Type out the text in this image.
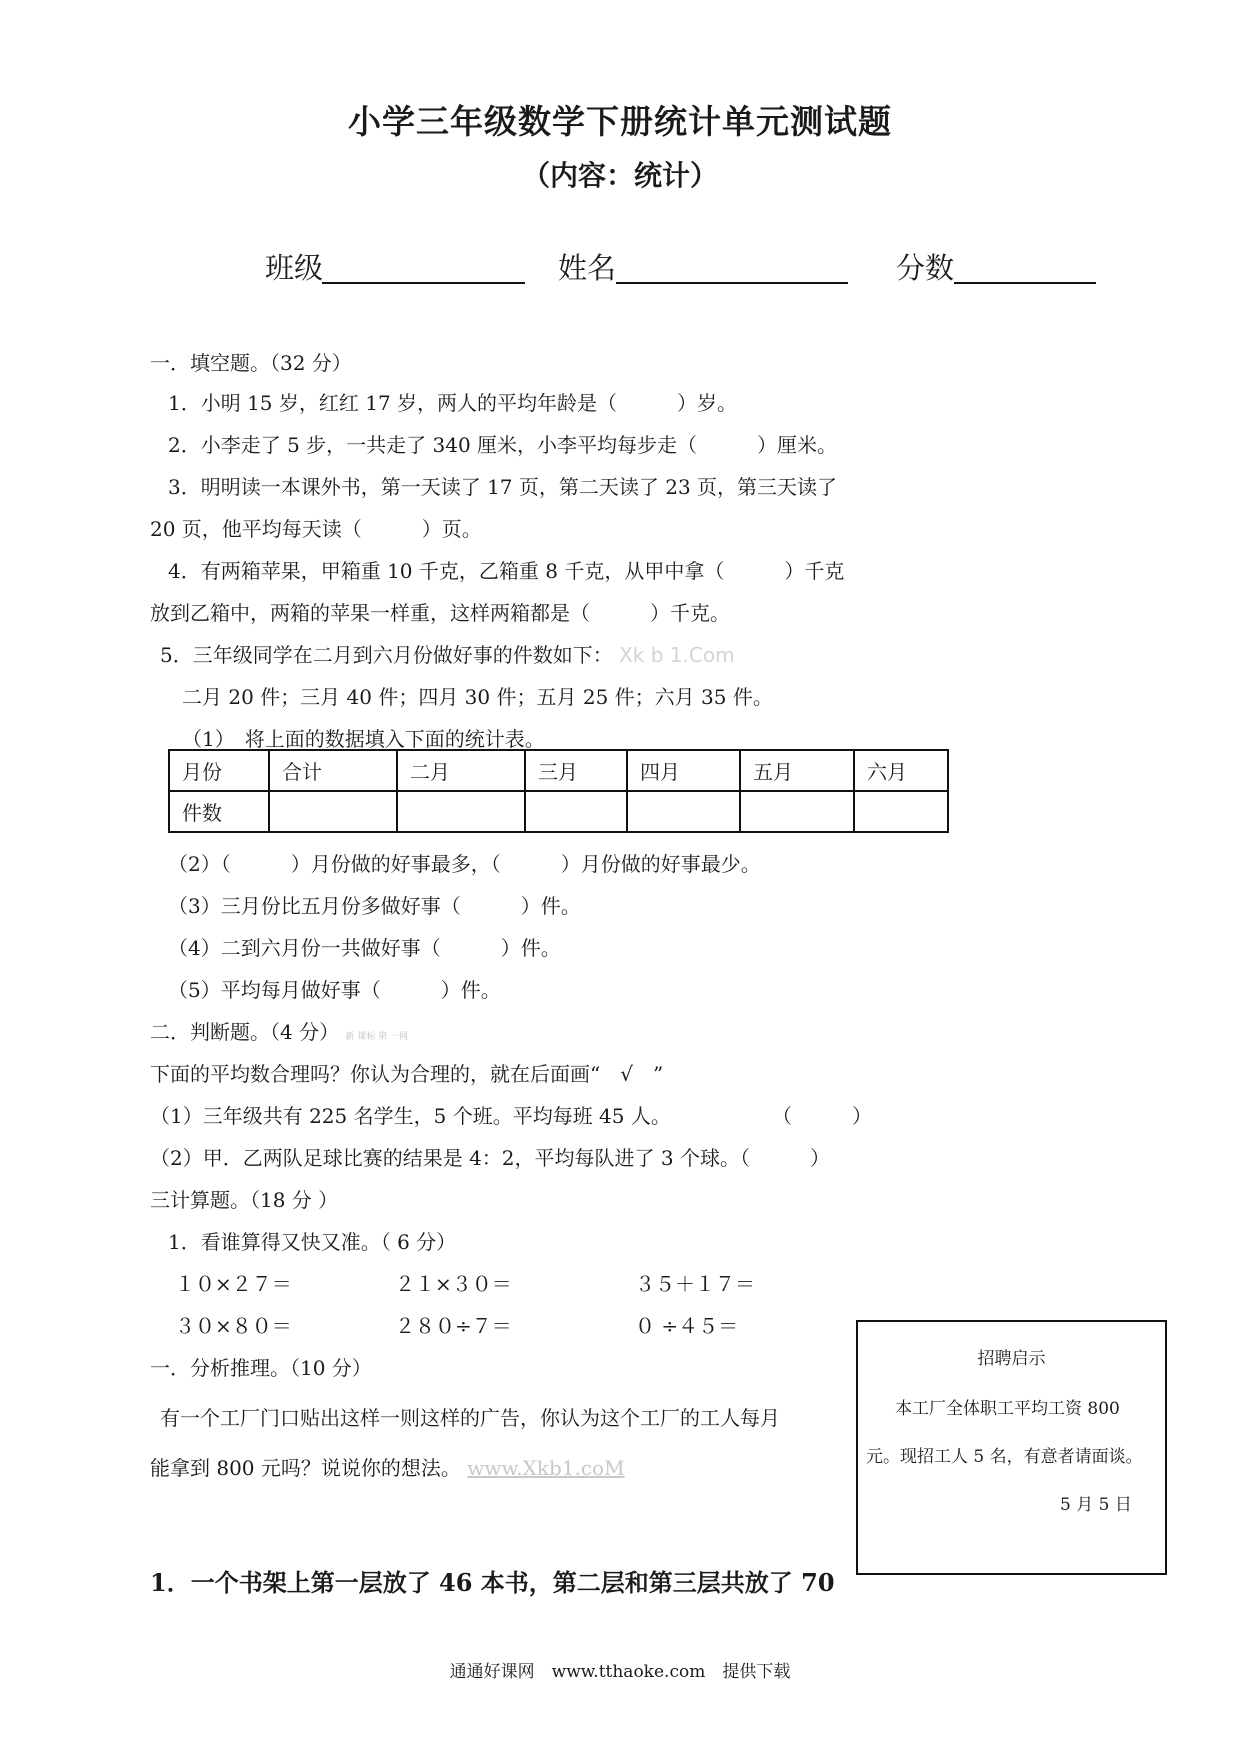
小学三年级数学下册统计单元测试题
（内容：统计）
班级	姓名	分数
一．填空题。（32 分）
1．小明 15 岁，红红 17 岁，两人的平均年龄是（　　　）岁。
2．小李走了 5 步，一共走了 340 厘米，小李平均每步走（　　　）厘米。
3．明明读一本课外书，第一天读了 17 页，第二天读了 23 页，第三天读了
20 页，他平均每天读（　　　）页。
4．有两箱苹果，甲箱重 10 千克，乙箱重 8 千克，从甲中拿（　　　）千克
放到乙箱中，两箱的苹果一样重，这样两箱都是（　　　）千克。
5．三年级同学在二月到六月份做好事的件数如下： Xk b 1.Com
二月 20 件；三月 40 件；四月 30 件；五月 25 件；六月 35 件。
（1）　将上面的数据填入下面的统计表。
月份	合计	二月	三月	四月	五月	六月
件数						
（2）（　　　）月份做的好事最多，（　　　）月份做的好事最少。
（3）三月份比五月份多做好事（　　　）件。
（4）二到六月份一共做好事（　　　）件。
（5）平均每月做好事（　　　）件。
二．判断题。（4 分） 新 课标 第 一网
下面的平均数合理吗？你认为合理的，就在后面画“　√　”
（1）三年级共有 225 名学生，5 个班。平均每班 45 人。	（　　　）
（2）甲．乙两队足球比赛的结果是 4：2，平均每队进了 3 个球。（　　　）
三计算题。（18 分 ）
1．看谁算得又快又准。（ 6 分）
１０×２７＝	２１×３０＝	３５＋１７＝
３０×８０＝	２８０÷７＝	０ ÷４５＝
一．分析推理。（10 分）
有一个工厂门口贴出这样一则这样的广告，你认为这个工厂的工人每月
能拿到 800 元吗？说说你的想法。 www.Xkb1.coM
招聘启示
本工厂全体职工平均工资 800
元。现招工人 5 名，有意者请面谈。
5 月 5 日
1．一个书架上第一层放了 46 本书，第二层和第三层共放了 70
通通好课网　www.tthaoke.com　提供下载
